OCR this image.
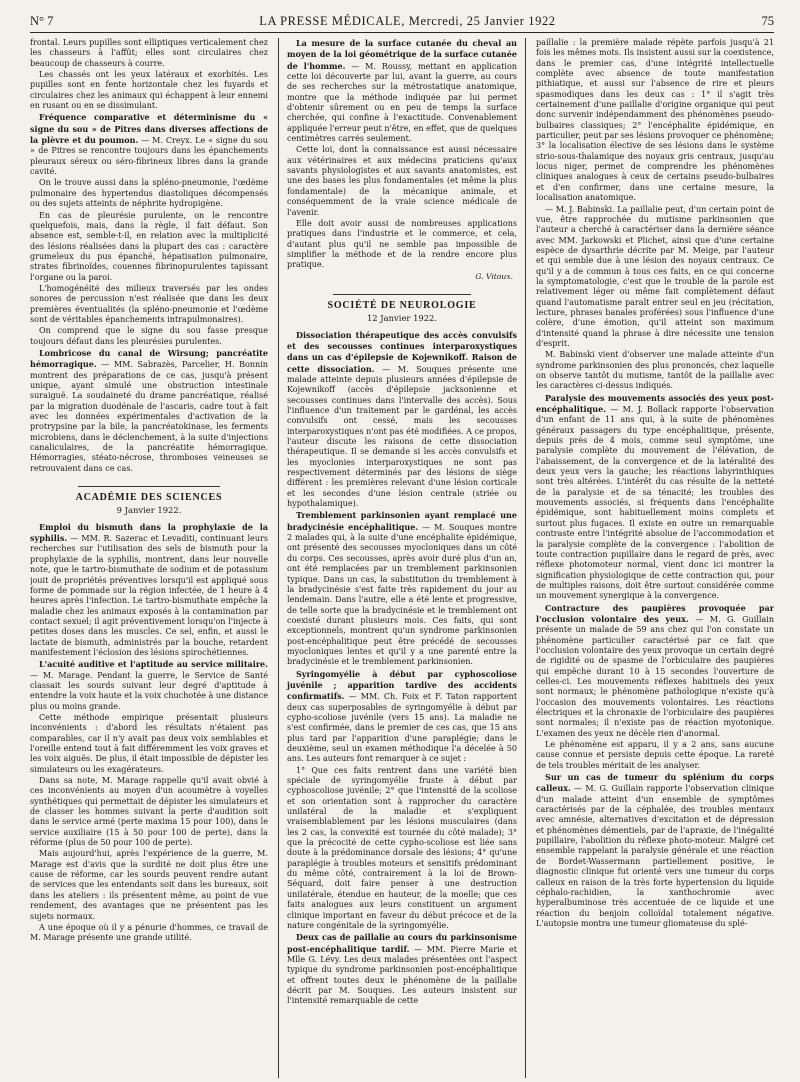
N° 7	LA PRESSE MÉDICALE, Mercredi, 25 Janvier 1922	75

frontal. Leurs pupilles sont elliptiques verticalement chez les chasseurs à l'affût; elles sont circulaires chez beaucoup de chasseurs à courre.

Les chassés ont les yeux latéraux et exorbités. Les pupilles sont en fente horizontale chez les fuyards et circulaires chez les animaux qui échappent à leur ennemi en rusant ou en se dissimulant.

Fréquence comparative et déterminisme du « signe du sou » de Pitres dans diverses affections de la plèvre et du poumon. — M. Creyx. Le « signe du sou » de Pitres se rencontre toujours dans les épanchements pleuraux séreux ou séro-fibrineux libres dans la grande cavité.

On le trouve aussi dans la spléno-pneumonie, l'œdème pulmonaire des hypertendus diastoliques décompensés ou des sujets atteints de néphrite hydropigène.

En cas de pleurésie purulente, on le rencontre quelquefois, mais, dans la règle, il fait défaut. Son absence est, semble-t-il, en relation avec la multiplicité des lésions réalisées dans la plupart des cas : caractère grumeleux du pus épanché, hépatisation pulmonaire, strates fibrinoïdes, couennes fibrinopurulentes tapissant l'organe ou la paroi.

L'homogénéité des milieux traversés par les ondes sonores de percussion n'est réalisée que dans les deux premières éventualités (la spléno-pneumonie et l'œdème sont de véritables épanchements intrapulmonaires).

On comprend que le signe du sou fasse presque toujours défaut dans les pleurésies purulentes.

Lombricose du canal de Wirsung; pancréatite hémorragique. — MM. Sabrazès, Parcelier, H. Bonnin montrent des préparations de ce cas, jusqu'à présent unique, ayant simulé une obstruction intestinale suraiguë. La soudaineté du drame pancréatique, réalisé par la migration duodénale de l'ascaris, cadre tout à fait avec les données expérimentales d'activation de la protrypsine par la bile, la pancréatokinase, les ferments microbiens, dans le déclenchement, à la suite d'injections canaliculaires, de la pancréatite hémorragique. Hémorragies, stéato-nécrose, thromboses veineuses se retrouvaient dans ce cas.

ACADÉMIE DES SCIENCES
9 Janvier 1922.

Emploi du bismuth dans la prophylaxie de la syphilis. — MM. R. Sazerac et Levaditi, continuant leurs recherches sur l'utilisation des sels de bismuth pour la prophylaxie de la syphilis, montrent, dans leur nouvelle note, que le tartro-bismuthate de sodium et de potassium jouit de propriétés préventives lorsqu'il est appliqué sous forme de pommade sur la région infectée, de 1 heure à 4 heures après l'infection. Le tartro-bismuthate empêche la maladie chez les animaux exposés à la contamination par contact sexuel; il agit préventivement lorsqu'on l'injecte à petites doses dans les muscles. Ce sel, enfin, et aussi le lactate de bismuth, administrés par la bouche, retardent manifestement l'éclosion des lésions spirochétiennes.

L'acuité auditive et l'aptitude au service militaire. — M. Marage. Pendant la guerre, le Service de Santé classait les sourds suivant leur degré d'aptitude à entendre la voix haute et la voix chuchotée à une distance plus ou moins grande.

Cette méthode empirique présentait plusieurs inconvénients : d'abord les résultats n'étaient pas comparables, car il n'y avait pas deux voix semblables et l'oreille entend tout à fait différemment les voix graves et les voix aiguës. De plus, il était impossible de dépister les simulateurs ou les exagérateurs.

Dans sa note, M. Marage rappelle qu'il avait obvié à ces inconvénients au moyen d'un acoumètre à voyelles synthétiques qui permettait de dépister les simulateurs et de classer les hommes suivant la perte d'audition soit dans le service armé (perte maxima 15 pour 100), dans le service auxiliaire (15 à 50 pour 100 de perte), dans la réforme (plus de 50 pour 100 de perte).

Mais aujourd'hui, après l'expérience de la guerre, M. Marage est d'avis que la surdité ne doit plus être une cause de réforme, car les sourds peuvent rendre autant de services que les entendants soit dans les bureaux, soit dans les ateliers : ils présentent même, au point de vue rendement, des avantages que ne présentent pas les sujets normaux.

A une époque où il y a pénurie d'hommes, ce travail de M. Marage présente une grande utilité.

La mesure de la surface cutanée du cheval au moyen de la loi géométrique de la surface cutanée de l'homme. — M. Roussy, mettant en application cette loi découverte par lui, avant la guerre, au cours de ses recherches sur la métrostatique anatomique, montre que la méthode indiquée par lui permet d'obtenir sûrement ou en peu de temps la surface cherchée, qui confine à l'exactitude. Convenablement appliquée l'erreur peut n'être, en effet, que de quelques centimètres carrés seulement.

Cette loi, dont la connaissance est aussi nécessaire aux vétérinaires et aux médecins praticiens qu'aux savants physiologistes et aux savants anatomistes, est une des bases les plus fondamentales (et même la plus fondamentale) de la mécanique animale, et conséquemment de la vraie science médicale de l'avenir.

Elle doit avoir aussi de nombreuses applications pratiques dans l'industrie et le commerce, et cela, d'autant plus qu'il ne semble pas impossible de simplifier la méthode et de la rendre encore plus pratique.

G. Vitoux.
SOCIÉTÉ DE NEUROLOGIE
12 Janvier 1922.

Dissociation thérapeutique des accès convulsifs et des secousses continues interparoxystiques dans un cas d'épilepsie de Kojewnikoff. Raison de cette dissociation. — M. Souques présente une malade atteinte depuis plusieurs années d'épilepsie de Kojewnikoff (accès d'épilepsie jacksonienne et secousses continues dans l'intervalle des accès). Sous l'influence d'un traitement par le gardénal, les accès convulsifs ont cessé, mais les secousses interparoxystiques n'ont pas été modifiées. A ce propos, l'auteur discute les raisons de cette dissociation thérapeutique. Il se demande si les accès convulsifs et les myoclonies interparoxystiques ne sont pas respectivement déterminés par des lésions de siège différent : les premières relevant d'une lésion corticale et les secondes d'une lésion centrale (striée ou hypothalamique).

Tremblement parkinsonien ayant remplacé une bradycinésie encéphalitique. — M. Souques montre 2 malades qui, à la suite d'une encéphalite épidémique, ont présenté des secousses myocloniques dans un côté du corps. Ces secousses, après avoir duré plus d'un an, ont été remplacées par un tremblement parkinsonien typique. Dans un cas, la substitution du tremblement à la bradycinésie s'est faite très rapidement du jour au lendemain. Dans l'autre, elle a été lente et progressive, de telle sorte que la bradycinésie et le tremblement ont coexisté durant plusieurs mois. Ces faits, qui sont exceptionnels, montrent qu'un syndrome parkinsonien post-encéphalitique peut être précédé de secousses myocloniques lentes et qu'il y a une parenté entre la bradycinésie et le tremblement parkinsonien.

Syringomyélie à début par cyphoscoliose juvénile ; apparition tardive des accidents confirmatifs. — MM. Ch. Foix et F. Taton rapportent deux cas superposables de syringomyélie à début par cypho-scoliose juvénile (vers 15 ans). La maladie ne s'est confirmée, dans le premier de ces cas, que 15 ans plus tard par l'apparition d'une paraplégie; dans le deuxième, seul un examen méthodique l'a décelée à 50 ans. Les auteurs font remarquer à ce sujet :

1° Que ces faits rentrent dans une variété bien spéciale de syringomyélie fruste à début par cyphoscoliose juvénile; 2° que l'intensité de la scoliose et son orientation sont à rapprocher du caractère unilatéral de la maladie et s'expliquent vraisemblablement par les lésions musculaires (dans les 2 cas, la convexité est tournée du côté malade); 3° que la précocité de cette cypho-scoliose est liée sans doute à la prédominance dorsale des lésions; 4° qu'une paraplégie à troubles moteurs et sensitifs prédominant du même côté, contrairement à la loi de Brown-Séquard, doit faire penser à une destruction unilatérale, étendue en hauteur, de la moelle; que ces faits analogues aux leurs constituent un argument clinique important en faveur du début précoce et de la nature congénitale de la syringomyélie.

Deux cas de paillalie au cours du parkinsonisme post-encéphalitique tardif. — MM. Pierre Marie et Mlle G. Lévy. Les deux malades présentées ont l'aspect typique du syndrome parkinsonien post-encéphalitique et offrent toutes deux le phénomène de la paillalie décrit par M. Souques. Les auteurs insistent sur l'intensité remarquable de cette

paillalie : la première malade répète parfois jusqu'à 21 fois les mêmes mots. Ils insistent aussi sur la coexistence, dans le premier cas, d'une intégrité intellectuelle complète avec absence de toute manifestation pithiatique, et aussi sur l'absence de rire et pleurs spasmodiques dans les deux cas : 1° il s'agit très certainement d'une paillalie d'origine organique qui peut donc survenir indépendamment des phénomènes pseudo-bulbaires classiques; 2° l'encéphalite épidémique, en particulier, peut par ses lésions provoquer ce phénomène; 3° la localisation élective de ses lésions dans le système strio-sous-thalamique des noyaux gris centraux, jusqu'au locus niger, permet de comprendre les phénomènes cliniques analogues à ceux de certains pseudo-bulbaires et d'en confirmer, dans une certaine mesure, la localisation anatomique.

— M. J. Babinski. La paillalie peut, d'un certain point de vue, être rapprochée du mutisme parkinsonien que l'auteur a cherché à caractériser dans la dernière séance avec MM. Jarkowski et Plichet, ainsi que d'une certaine espèce de dysarthrie décrite par M. Meige, par l'auteur et qui semble due à une lésion des noyaux centraux. Ce qu'il y a de commun à tous ces faits, en ce qui concerne la symptomatologie, c'est que le trouble de la parole est relativement léger ou même fait complètement défaut quand l'automatisme paraît entrer seul en jeu (récitation, lecture, phrases banales proférées) sous l'influence d'une colère, d'une émotion, qu'il atteint son maximum d'intensité quand la phrase à dire nécessite une tension d'esprit.

M. Babinski vient d'observer une malade atteinte d'un syndrome parkinsonien des plus prononcés, chez laquelle on observe tantôt du mutisme, tantôt de la paillalie avec les caractères ci-dessus indiqués.

Paralysie des mouvements associés des yeux post-encéphalitique. — M. J. Bollack rapporte l'observation d'un enfant de 11 ans qui, à la suite de phénomènes généraux passagers du type encéphalitique, présente, depuis près de 4 mois, comme seul symptôme, une paralysie complète du mouvement de l'élévation, de l'abaissement, de la convergence et de la latéralité des deux yeux vers la gauche; les réactions labyrinthiques sont très altérées. L'intérêt du cas résulte de la netteté de la paralysie et de sa ténacité; les troubles des mouvements associés, si fréquents dans l'encéphalite épidémique, sont habituellement moins complets et surtout plus fugaces. Il existe en outre un remarquable contraste entre l'intégrité absolue de l'accommodation et la paralysie complète de la convergence : l'abolition de toute contraction pupillaire dans le regard de près, avec réflexe photomoteur normal, vient donc ici montrer la signification physiologique de cette contraction qui, pour de multiples raisons, doit être surtout considérée comme un mouvement synergique à la convergence.

Contracture des paupières provoquée par l'occlusion volontaire des yeux. — M. G. Guillain présente un malade de 59 ans chez qui l'on constate un phénomène particulier caractérisé par ce fait que l'occlusion volontaire des yeux provoque un certain degré de rigidité ou de spasme de l'orbiculaire des paupières qui empêche durant 10 à 15 secondes l'ouverture de celles-ci. Les mouvements réflexes habituels des yeux sont normaux; le phénomène pathologique n'existe qu'à l'occasion des mouvements volontaires. Les réactions électriques et la chronaxie de l'orbiculaire des paupières sont normales; il n'existe pas de réaction myotonique. L'examen des yeux ne décèle rien d'anormal.

Le phénomène est apparu, il y a 2 ans, sans aucune cause connue et persiste depuis cette époque. La rareté de tels troubles méritait de les analyser.

Sur un cas de tumeur du splénium du corps calleux. — M. G. Guillain rapporte l'observation clinique d'un malade atteint d'un ensemble de symptômes caractérisés par de la céphalée, des troubles mentaux avec amnésie, alternatives d'excitation et de dépression et phénomènes démentiels, par de l'apraxie, de l'inégalité pupillaire, l'abolition du réflexe photo-moteur. Malgré cet ensemble rappelant la paralysie générale et une réaction de Bordet-Wassermann partiellement positive, le diagnostic clinique fut orienté vers une tumeur du corps calleux en raison de la très forte hypertension du liquide céphalo-rachidien, la xanthochromie avec hyperalbuminose très accentuée de ce liquide et une réaction du benjoin colloïdal totalement négative. L'autopsie montra une tumeur gliomateuse du splé-
